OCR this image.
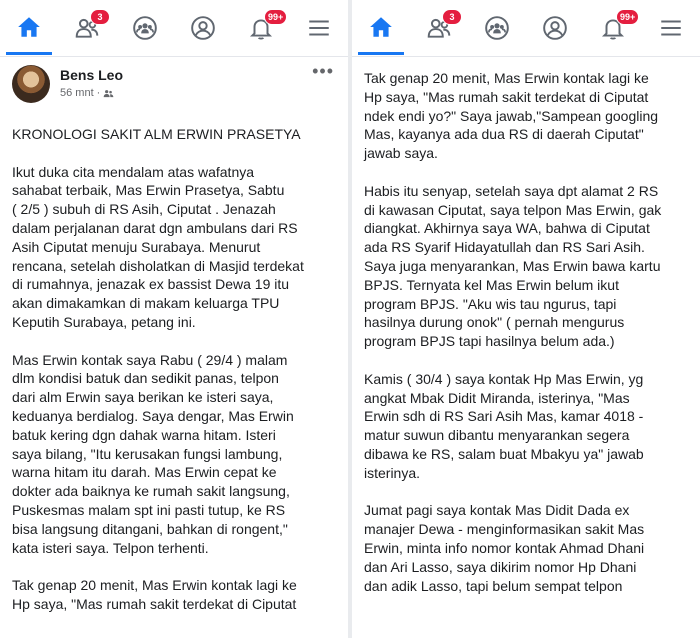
3	99+
Bens Leo
56 mnt ·
•••

KRONOLOGI SAKIT ALM ERWIN PRASETYA

Ikut duka cita mendalam atas wafatnya
sahabat terbaik, Mas Erwin Prasetya, Sabtu
( 2/5 ) subuh di RS Asih, Ciputat . Jenazah
dalam perjalanan darat dgn ambulans dari RS
Asih Ciputat menuju Surabaya. Menurut
rencana, setelah disholatkan di Masjid terdekat
di rumahnya, jenazak ex bassist Dewa 19 itu
akan dimakamkan di makam keluarga TPU
Keputih Surabaya, petang ini.

Mas Erwin kontak saya Rabu ( 29/4 ) malam
dlm kondisi batuk dan sedikit panas, telpon
dari alm Erwin saya berikan ke isteri saya,
keduanya berdialog. Saya dengar, Mas Erwin
batuk kering dgn dahak warna hitam. Isteri
saya bilang, "Itu kerusakan fungsi lambung,
warna hitam itu darah. Mas Erwin cepat ke
dokter ada baiknya ke rumah sakit langsung,
Puskesmas malam spt ini pasti tutup, ke RS
bisa langsung ditangani, bahkan di rongent,"
kata isteri saya. Telpon terhenti.

Tak genap 20 menit, Mas Erwin kontak lagi ke
Hp saya, "Mas rumah sakit terdekat di Ciputat

3	99+

Tak genap 20 menit, Mas Erwin kontak lagi ke
Hp saya, "Mas rumah sakit terdekat di Ciputat
ndek endi yo?" Saya jawab,"Sampean googling
Mas, kayanya ada dua RS di daerah Ciputat"
jawab saya.

Habis itu senyap, setelah saya dpt alamat 2 RS
di kawasan Ciputat, saya telpon Mas Erwin, gak
diangkat. Akhirnya saya WA, bahwa di Ciputat
ada RS Syarif Hidayatullah dan RS Sari Asih.
Saya juga menyarankan, Mas Erwin bawa kartu
BPJS. Ternyata kel Mas Erwin belum ikut
program BPJS. "Aku wis tau ngurus, tapi
hasilnya durung onok" ( pernah mengurus
program BPJS tapi hasilnya belum ada.)

Kamis ( 30/4 ) saya kontak Hp Mas Erwin, yg
angkat Mbak Didit Miranda, isterinya, "Mas
Erwin sdh di RS Sari Asih Mas, kamar 4018 -
matur suwun dibantu menyarankan segera
dibawa ke RS, salam buat Mbakyu ya" jawab
isterinya.

Jumat pagi saya kontak Mas Didit Dada ex
manajer Dewa - menginformasikan sakit Mas
Erwin, minta info nomor kontak Ahmad Dhani
dan Ari Lasso, saya dikirim nomor Hp Dhani
dan adik Lasso, tapi belum sempat telpon
